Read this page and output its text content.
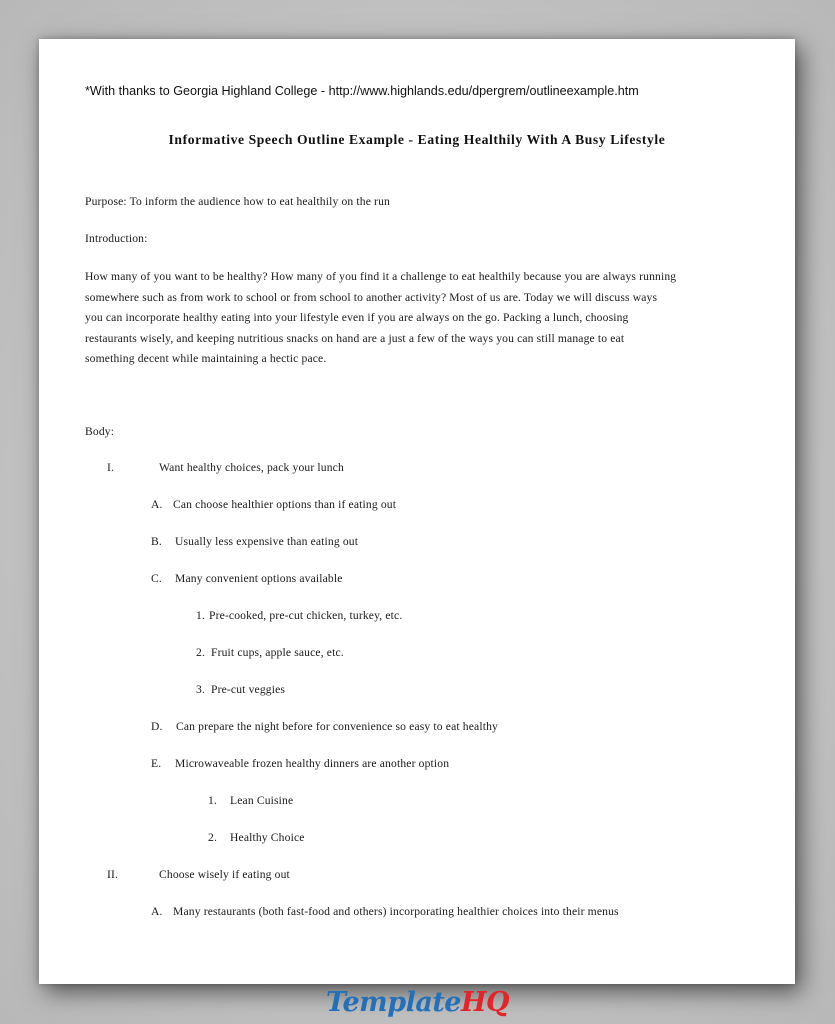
*With thanks to Georgia Highland College - http://www.highlands.edu/dpergrem/outlineexample.htm
Informative Speech Outline Example - Eating Healthily With A Busy Lifestyle
Purpose: To inform the audience how to eat healthily on the run
Introduction:
How many of you want to be healthy? How many of you find it a challenge to eat healthily because you are always running
somewhere such as from work to school or from school to another activity? Most of us are. Today we will discuss ways
you can incorporate healthy eating into your lifestyle even if you are always on the go. Packing a lunch, choosing
restaurants wisely, and keeping nutritious snacks on hand are a just a few of the ways you can still manage to eat
something decent while maintaining a hectic pace.
Body:
I.	Want healthy choices, pack your lunch
A. Can choose healthier options than if eating out
B. Usually less expensive than eating out
C. Many convenient options available
1. Pre-cooked, pre-cut chicken, turkey, etc.
2. Fruit cups, apple sauce, etc.
3. Pre-cut veggies
D. Can prepare the night before for convenience so easy to eat healthy
E. Microwaveable frozen healthy dinners are another option
1. Lean Cuisine
2. Healthy Choice
II.	Choose wisely if eating out
A. Many restaurants (both fast-food and others) incorporating healthier choices into their menus
TemplateHQ
